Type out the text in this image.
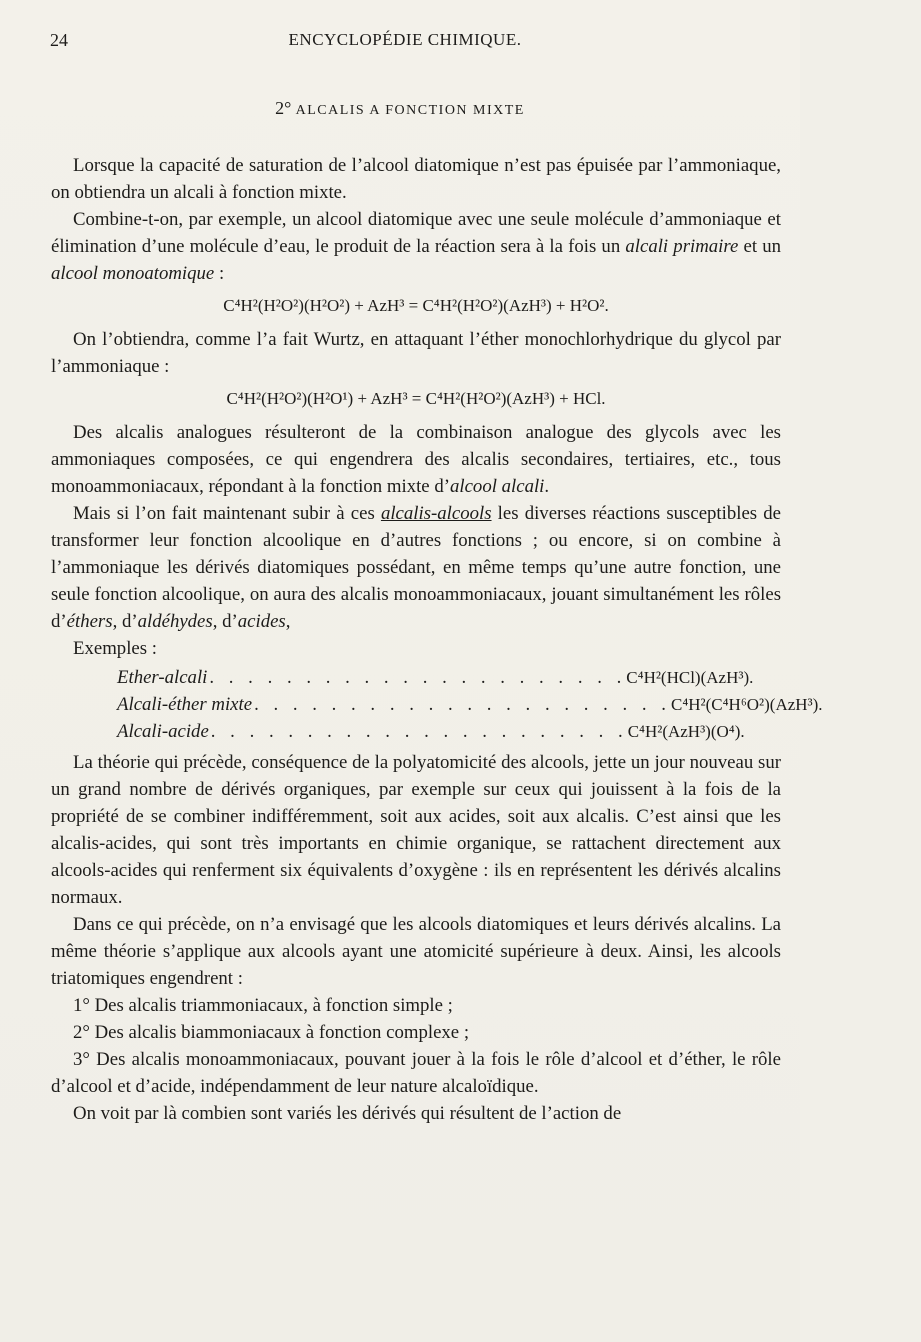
24	ENCYCLOPÉDIE CHIMIQUE.
2° ALCALIS A FONCTION MIXTE

Lorsque la capacité de saturation de l’alcool diatomique n’est pas épuisée par l’ammoniaque, on obtiendra un alcali à fonction mixte.

Combine-t-on, par exemple, un alcool diatomique avec une seule molécule d’ammoniaque et élimination d’une molécule d’eau, le produit de la réaction sera à la fois un alcali primaire et un alcool monoatomique :

C⁴H²(H²O²)(H²O²) + AzH³ = C⁴H²(H²O²)(AzH³) + H²O².

On l’obtiendra, comme l’a fait Wurtz, en attaquant l’éther monochlorhydrique du glycol par l’ammoniaque :

C⁴H²(H²O²)(H²O¹) + AzH³ = C⁴H²(H²O²)(AzH³) + HCl.

Des alcalis analogues résulteront de la combinaison analogue des glycols avec les ammoniaques composées, ce qui engendrera des alcalis secondaires, tertiaires, etc., tous monoammoniacaux, répondant à la fonction mixte d’alcool alcali.

Mais si l’on fait maintenant subir à ces alcalis-alcools les diverses réactions susceptibles de transformer leur fonction alcoolique en d’autres fonctions ; ou encore, si on combine à l’ammoniaque les dérivés diatomiques possédant, en même temps qu’une autre fonction, une seule fonction alcoolique, on aura des alcalis monoammoniacaux, jouant simultanément les rôles d’éthers, d’aldéhydes, d’acides,

Exemples :

Ether-alcali . . . . . . . . . . . . . . . . . . . . . . C⁴H²(HCl)(AzH³).
Alcali-éther mixte . . . . . . . . . . . . . . . . . . . . . . C⁴H²(C⁴H⁶O²)(AzH³).
Alcali-acide . . . . . . . . . . . . . . . . . . . . . . C⁴H²(AzH³)(O⁴).

La théorie qui précède, conséquence de la polyatomicité des alcools, jette un jour nouveau sur un grand nombre de dérivés organiques, par exemple sur ceux qui jouissent à la fois de la propriété de se combiner indifféremment, soit aux acides, soit aux alcalis. C’est ainsi que les alcalis-acides, qui sont très importants en chimie organique, se rattachent directement aux alcools-acides qui renferment six équivalents d’oxygène : ils en représentent les dérivés alcalins normaux.

Dans ce qui précède, on n’a envisagé que les alcools diatomiques et leurs dérivés alcalins. La même théorie s’applique aux alcools ayant une atomicité supérieure à deux. Ainsi, les alcools triatomiques engendrent :

1° Des alcalis triammoniacaux, à fonction simple ;

2° Des alcalis biammoniacaux à fonction complexe ;

3° Des alcalis monoammoniacaux, pouvant jouer à la fois le rôle d’alcool et d’éther, le rôle d’alcool et d’acide, indépendamment de leur nature alcaloïdique.

On voit par là combien sont variés les dérivés qui résultent de l’action de
